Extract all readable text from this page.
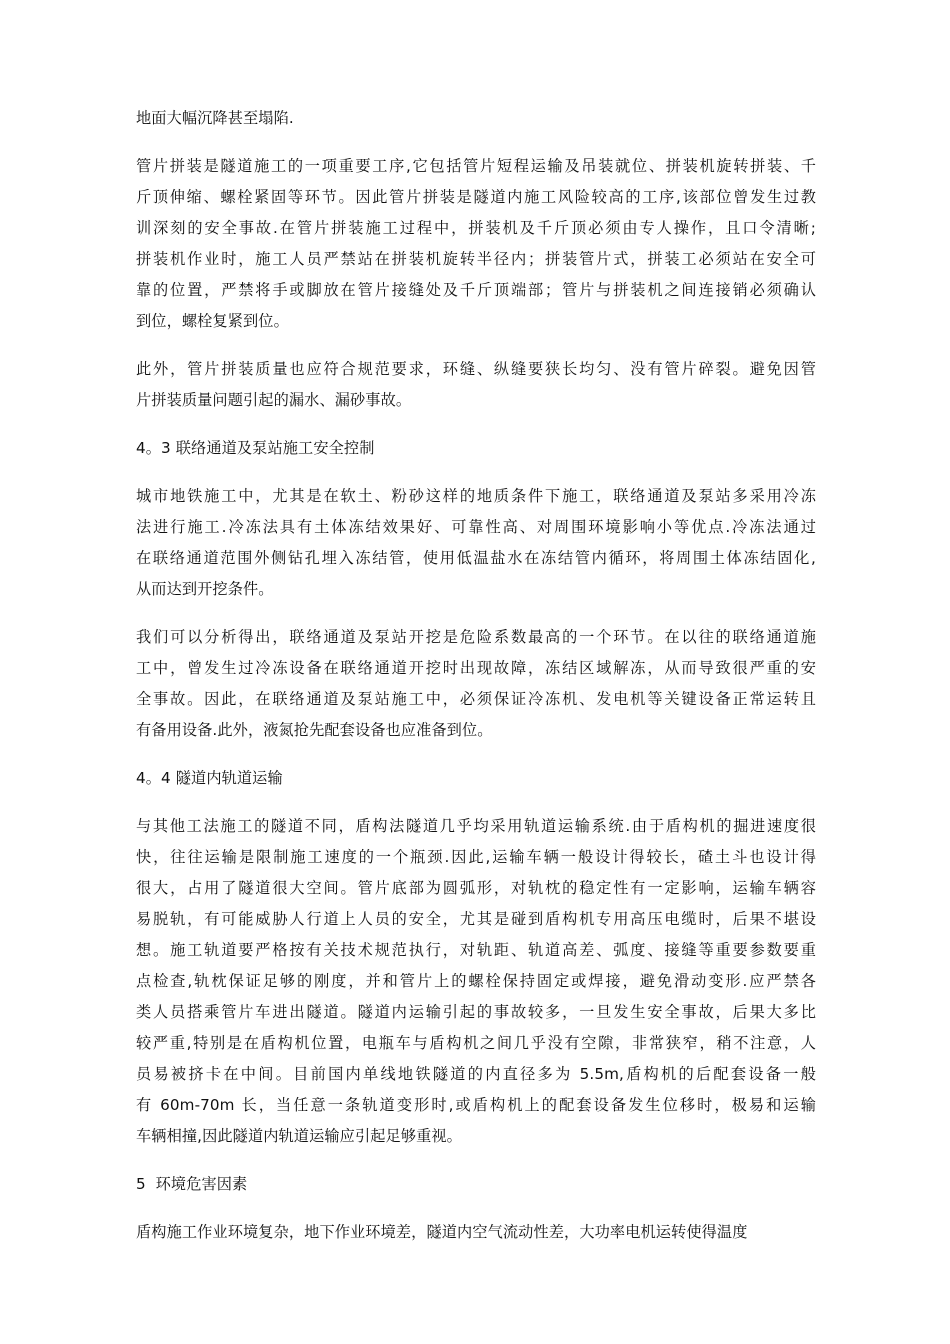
地面大幅沉降甚至塌陷.

管片拼装是隧道施工的一项重要工序,它包括管片短程运输及吊装就位、拼装机旋转拼装、千
斤顶伸缩、螺栓紧固等环节。因此管片拼装是隧道内施工风险较高的工序,该部位曾发生过教
训深刻的安全事故.在管片拼装施工过程中，拼装机及千斤顶必须由专人操作，且口令清晰;
拼装机作业时，施工人员严禁站在拼装机旋转半径内；拼装管片式，拼装工必须站在安全可
靠的位置，严禁将手或脚放在管片接缝处及千斤顶端部；管片与拼装机之间连接销必须确认
到位，螺栓复紧到位。

此外，管片拼装质量也应符合规范要求，环缝、纵缝要狭长均匀、没有管片碎裂。避免因管
片拼装质量问题引起的漏水、漏砂事故。

4。3 联络通道及泵站施工安全控制

城市地铁施工中，尤其是在软土、粉砂这样的地质条件下施工，联络通道及泵站多采用冷冻
法进行施工.冷冻法具有土体冻结效果好、可靠性高、对周围环境影响小等优点.冷冻法通过
在联络通道范围外侧钻孔埋入冻结管，使用低温盐水在冻结管内循环，将周围土体冻结固化,
从而达到开挖条件。

我们可以分析得出，联络通道及泵站开挖是危险系数最高的一个环节。在以往的联络通道施
工中，曾发生过冷冻设备在联络通道开挖时出现故障，冻结区域解冻，从而导致很严重的安
全事故。因此，在联络通道及泵站施工中，必须保证冷冻机、发电机等关键设备正常运转且
有备用设备.此外，液氮抢先配套设备也应准备到位。

4。4 隧道内轨道运输

与其他工法施工的隧道不同，盾构法隧道几乎均采用轨道运输系统.由于盾构机的掘进速度很
快，往往运输是限制施工速度的一个瓶颈.因此,运输车辆一般设计得较长，碴土斗也设计得
很大，占用了隧道很大空间。管片底部为圆弧形，对轨枕的稳定性有一定影响，运输车辆容
易脱轨，有可能威胁人行道上人员的安全，尤其是碰到盾构机专用高压电缆时，后果不堪设
想。施工轨道要严格按有关技术规范执行，对轨距、轨道高差、弧度、接缝等重要参数要重
点检查,轨枕保证足够的刚度，并和管片上的螺栓保持固定或焊接，避免滑动变形.应严禁各
类人员搭乘管片车进出隧道。隧道内运输引起的事故较多，一旦发生安全事故，后果大多比
较严重,特别是在盾构机位置，电瓶车与盾构机之间几乎没有空隙，非常狭窄，稍不注意，人
员易被挤卡在中间。目前国内单线地铁隧道的内直径多为 5.5m,盾构机的后配套设备一般
有 60m-70m 长，当任意一条轨道变形时,或盾构机上的配套设备发生位移时，极易和运输
车辆相撞,因此隧道内轨道运输应引起足够重视。

5  环境危害因素

盾构施工作业环境复杂，地下作业环境差，隧道内空气流动性差，大功率电机运转使得温度
